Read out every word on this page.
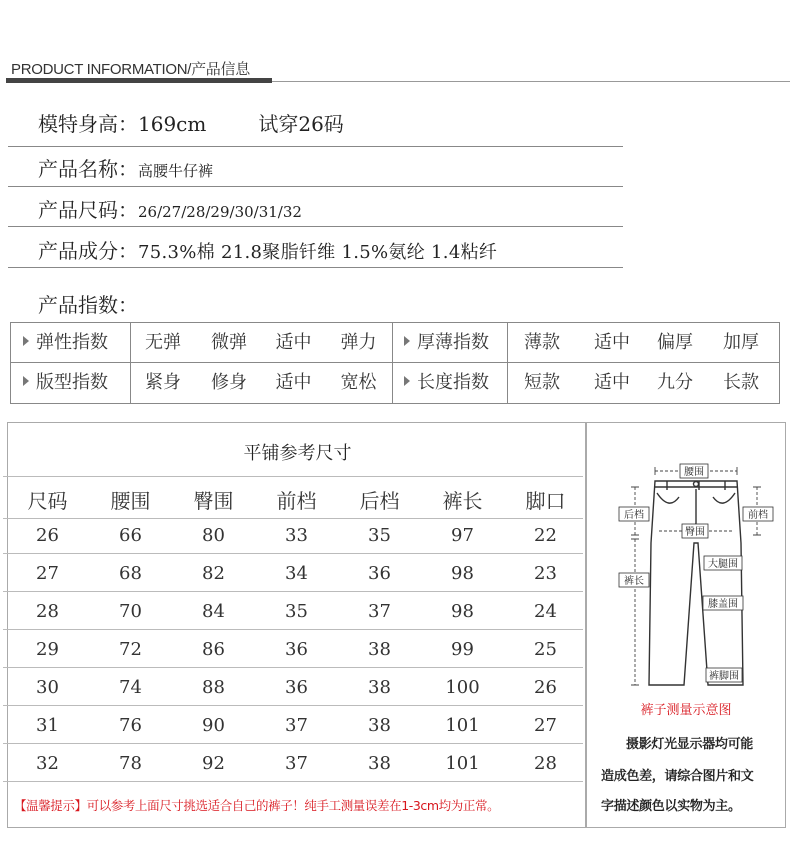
PRODUCT INFORMATION/产品信息
模特身高：169cm	试穿26码
产品名称：高腰牛仔裤
产品尺码：26/27/28/29/30/31/32
产品成分：75.3%棉 21.8聚脂钎维 1.5%氨纶 1.4粘纤
产品指数：
弹性指数	无弹	微弹	适中	弹力	厚薄指数	薄款	适中	偏厚	加厚
版型指数	紧身	修身	适中	宽松	长度指数	短款	适中	九分	长款
平铺参考尺寸
尺码	腰围	臀围	前档	后档	裤长	脚口
26	66	80	33	35	97	22
27	68	82	34	36	98	23
28	70	84	35	37	98	24
29	72	86	36	38	99	25
30	74	88	36	38	100	26
31	76	90	37	38	101	27
32	78	92	37	38	101	28
【温馨提示】可以参考上面尺寸挑选适合自己的裤子！纯手工测量误差在1-3cm均为正常。
腰围
后档	前档
臀围
大腿围
裤长
膝盖围
裤脚围
裤子测量示意图
摄影灯光显示器均可能
造成色差，请综合图片和文
字描述颜色以实物为主。
